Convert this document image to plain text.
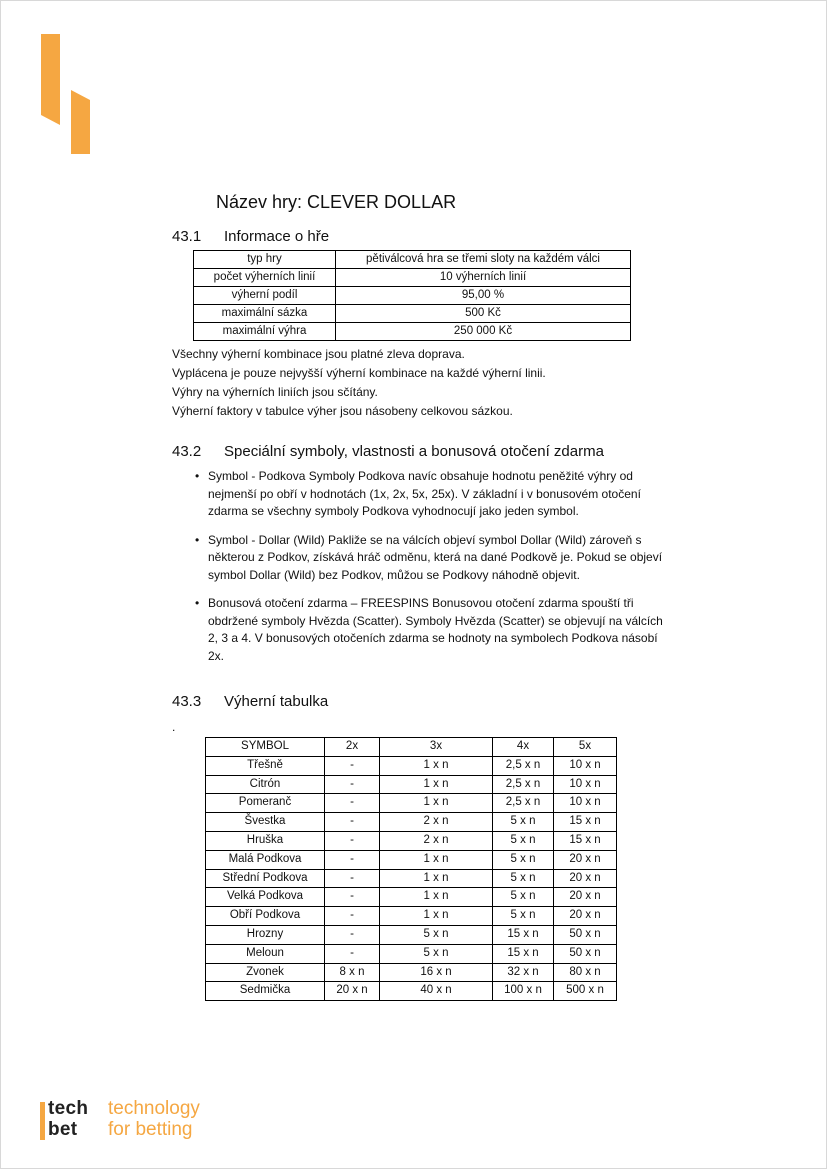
Název hry: CLEVER DOLLAR
43.1 Informace o hře
typ hry	pětiválcová hra se třemi sloty na každém válci
počet výherních linií	10 výherních linií
výherní podíl	95,00 %
maximální sázka	500 Kč
maximální výhra	250 000 Kč
Všechny výherní kombinace jsou platné zleva doprava.
Vyplácena je pouze nejvyšší výherní kombinace na každé výherní linii.
Výhry na výherních liniích jsou sčítány.
Výherní faktory v tabulce výher jsou násobeny celkovou sázkou.
43.2 Speciální symboly, vlastnosti a bonusová otočení zdarma
• Symbol - Podkova Symboly Podkova navíc obsahuje hodnotu peněžité výhry od nejmenší po obří v hodnotách (1x, 2x, 5x, 25x). V základní i v bonusovém otočení zdarma se všechny symboly Podkova vyhodnocují jako jeden symbol.
• Symbol - Dollar (Wild) Pakliže se na válcích objeví symbol Dollar (Wild) zároveň s některou z Podkov, získává hráč odměnu, která na dané Podkově je. Pokud se objeví symbol Dollar (Wild) bez Podkov, můžou se Podkovy náhodně objevit.
• Bonusová otočení zdarma – FREESPINS Bonusovou otočení zdarma spouští tři obdržené symboly Hvězda (Scatter). Symboly Hvězda (Scatter) se objevují na válcích 2, 3 a 4. V bonusových otočeních zdarma se hodnoty na symbolech Podkova násobí 2x.
43.3 Výherní tabulka
.
SYMBOL	2x	3x	4x	5x
Třešně	-	1 x n	2,5 x n	10 x n
Citrón	-	1 x n	2,5 x n	10 x n
Pomeranč	-	1 x n	2,5 x n	10 x n
Švestka	-	2 x n	5 x n	15 x n
Hruška	-	2 x n	5 x n	15 x n
Malá Podkova	-	1 x n	5 x n	20 x n
Střední Podkova	-	1 x n	5 x n	20 x n
Velká Podkova	-	1 x n	5 x n	20 x n
Obří Podkova	-	1 x n	5 x n	20 x n
Hrozny	-	5 x n	15 x n	50 x n
Meloun	-	5 x n	15 x n	50 x n
Zvonek	8 x n	16 x n	32 x n	80 x n
Sedmička	20 x n	40 x n	100 x n	500 x n
tech
bet
technology
for betting
